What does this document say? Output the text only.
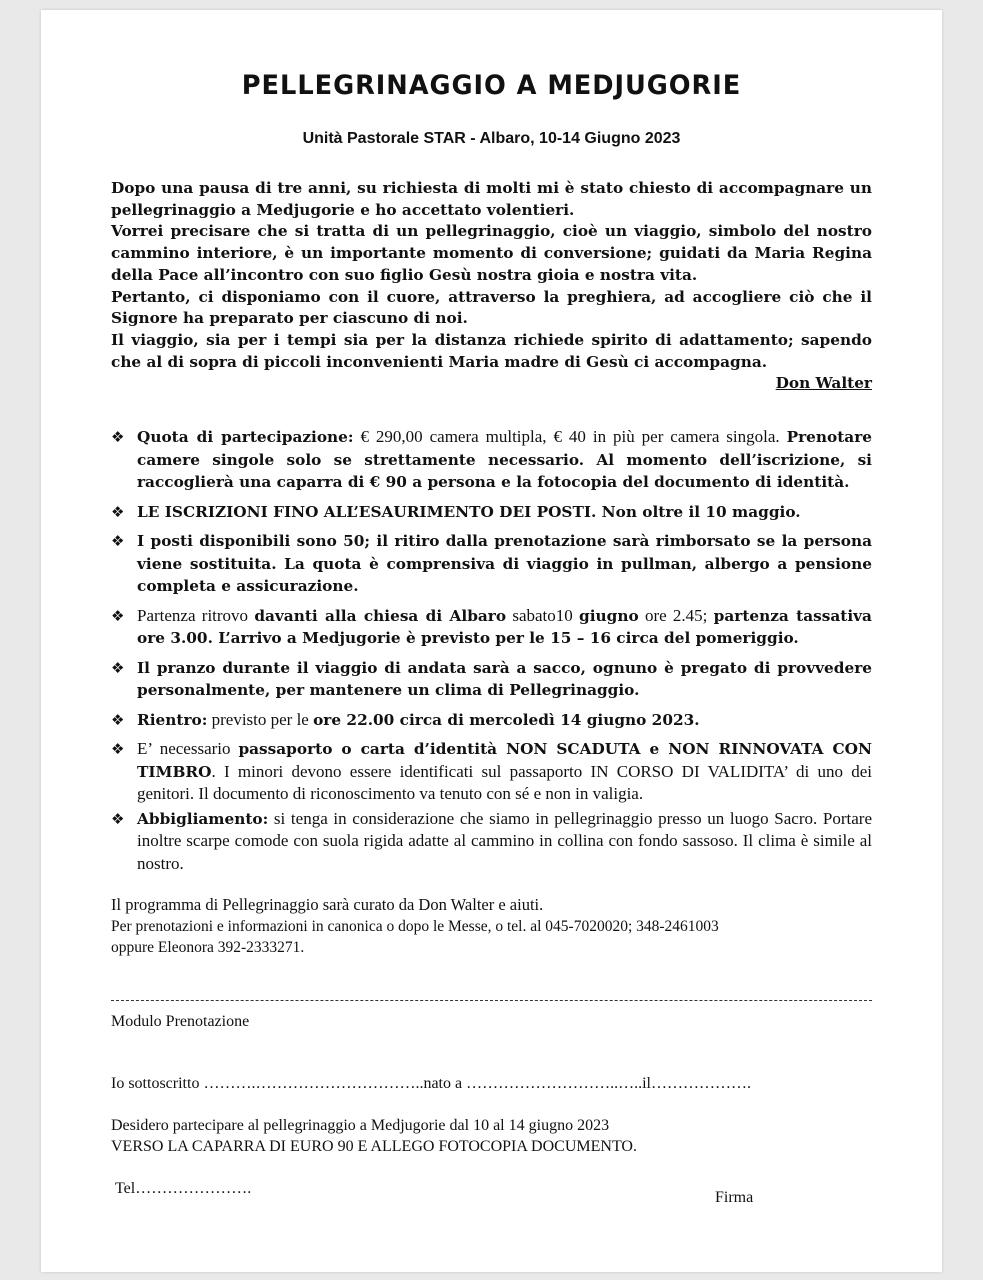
PELLEGRINAGGIO A MEDJUGORIE
Unità Pastorale STAR - Albaro, 10-14 Giugno 2023

Dopo una pausa di tre anni, su richiesta di molti mi è stato chiesto di accompagnare un pellegrinaggio a Medjugorie e ho accettato volentieri.

Vorrei precisare che si tratta di un pellegrinaggio, cioè un viaggio, simbolo del nostro cammino interiore, è un importante momento di conversione; guidati da Maria Regina della Pace all’incontro con suo figlio Gesù nostra gioia e nostra vita.

Pertanto, ci disponiamo con il cuore, attraverso la preghiera, ad accogliere ciò che il Signore ha preparato per ciascuno di noi.

Il viaggio, sia per i tempi sia per la distanza richiede spirito di adattamento; sapendo che al di sopra di piccoli inconvenienti Maria madre di Gesù ci accompagna.

Don Walter

❖ Quota di partecipazione: € 290,00 camera multipla, € 40 in più per camera singola. Prenotare camere singole solo se strettamente necessario. Al momento dell’iscrizione, si raccoglierà una caparra di € 90 a persona e la fotocopia del documento di identità.
❖ LE ISCRIZIONI FINO ALL’ESAURIMENTO DEI POSTI. Non oltre il 10 maggio.
❖ I posti disponibili sono 50; il ritiro dalla prenotazione sarà rimborsato se la persona viene sostituita. La quota è comprensiva di viaggio in pullman, albergo a pensione completa e assicurazione.
❖ Partenza ritrovo davanti alla chiesa di Albaro sabato10 giugno ore 2.45; partenza tassativa ore 3.00. L’arrivo a Medjugorie è previsto per le 15 – 16 circa del pomeriggio.
❖ Il pranzo durante il viaggio di andata sarà a sacco, ognuno è pregato di provvedere personalmente, per mantenere un clima di Pellegrinaggio.
❖ Rientro: previsto per le ore 22.00 circa di mercoledì 14 giugno 2023.
❖ E’ necessario passaporto o carta d’identità NON SCADUTA e NON RINNOVATA CON TIMBRO. I minori devono essere identificati sul passaporto IN CORSO DI VALIDITA’ di uno dei genitori. Il documento di riconoscimento va tenuto con sé e non in valigia.
❖ Abbigliamento: si tenga in considerazione che siamo in pellegrinaggio presso un luogo Sacro. Portare inoltre scarpe comode con suola rigida adatte al cammino in collina con fondo sassoso. Il clima è simile al nostro.
Il programma di Pellegrinaggio sarà curato da Don Walter e aiuti.
Per prenotazioni e informazioni in canonica o dopo le Messe, o tel. al 045-7020020; 348-2461003
oppure Eleonora 392-2333271.
Modulo Prenotazione
Io sottoscritto ……….…………………………..nato a ………………………..…..il……………….
Desidero partecipare al pellegrinaggio a Medjugorie dal 10 al 14 giugno 2023
VERSO LA CAPARRA DI EURO 90 E ALLEGO FOTOCOPIA DOCUMENTO.
Tel………………….
Firma
